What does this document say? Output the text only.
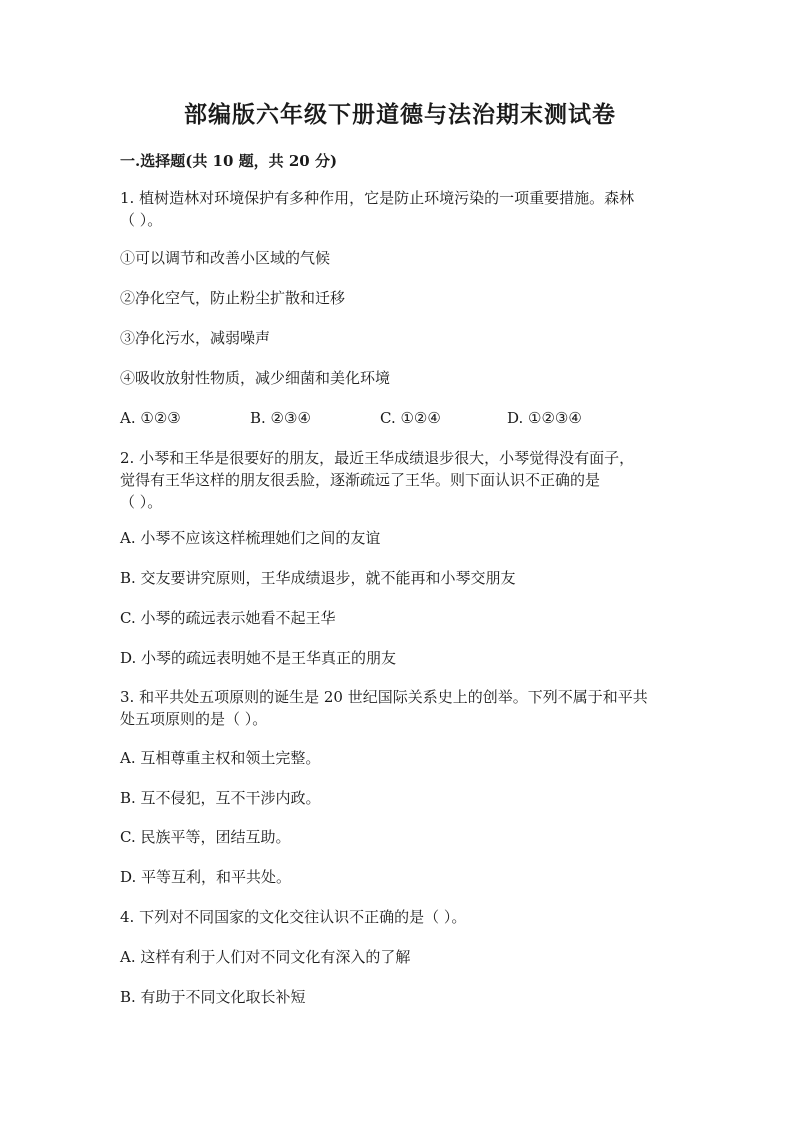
部编版六年级下册道德与法治期末测试卷
一.选择题(共 10 题，共 20 分)
1. 植树造林对环境保护有多种作用，它是防止环境污染的一项重要措施。森林
（ ）。
①可以调节和改善小区域的气候
②净化空气，防止粉尘扩散和迁移
③净化污水，减弱噪声
④吸收放射性物质，减少细菌和美化环境
A. ①②③	B. ②③④	C. ①②④	D. ①②③④
2. 小琴和王华是很要好的朋友，最近王华成绩退步很大，小琴觉得没有面子，
觉得有王华这样的朋友很丢脸，逐渐疏远了王华。则下面认识不正确的是
（ ）。
A. 小琴不应该这样梳理她们之间的友谊
B. 交友要讲究原则，王华成绩退步，就不能再和小琴交朋友
C. 小琴的疏远表示她看不起王华
D. 小琴的疏远表明她不是王华真正的朋友
3. 和平共处五项原则的诞生是 20 世纪国际关系史上的创举。下列不属于和平共
处五项原则的是（ ）。
A. 互相尊重主权和领土完整。
B. 互不侵犯，互不干涉内政。
C. 民族平等，团结互助。
D. 平等互利，和平共处。
4. 下列对不同国家的文化交往认识不正确的是（ ）。
A. 这样有利于人们对不同文化有深入的了解
B. 有助于不同文化取长补短
